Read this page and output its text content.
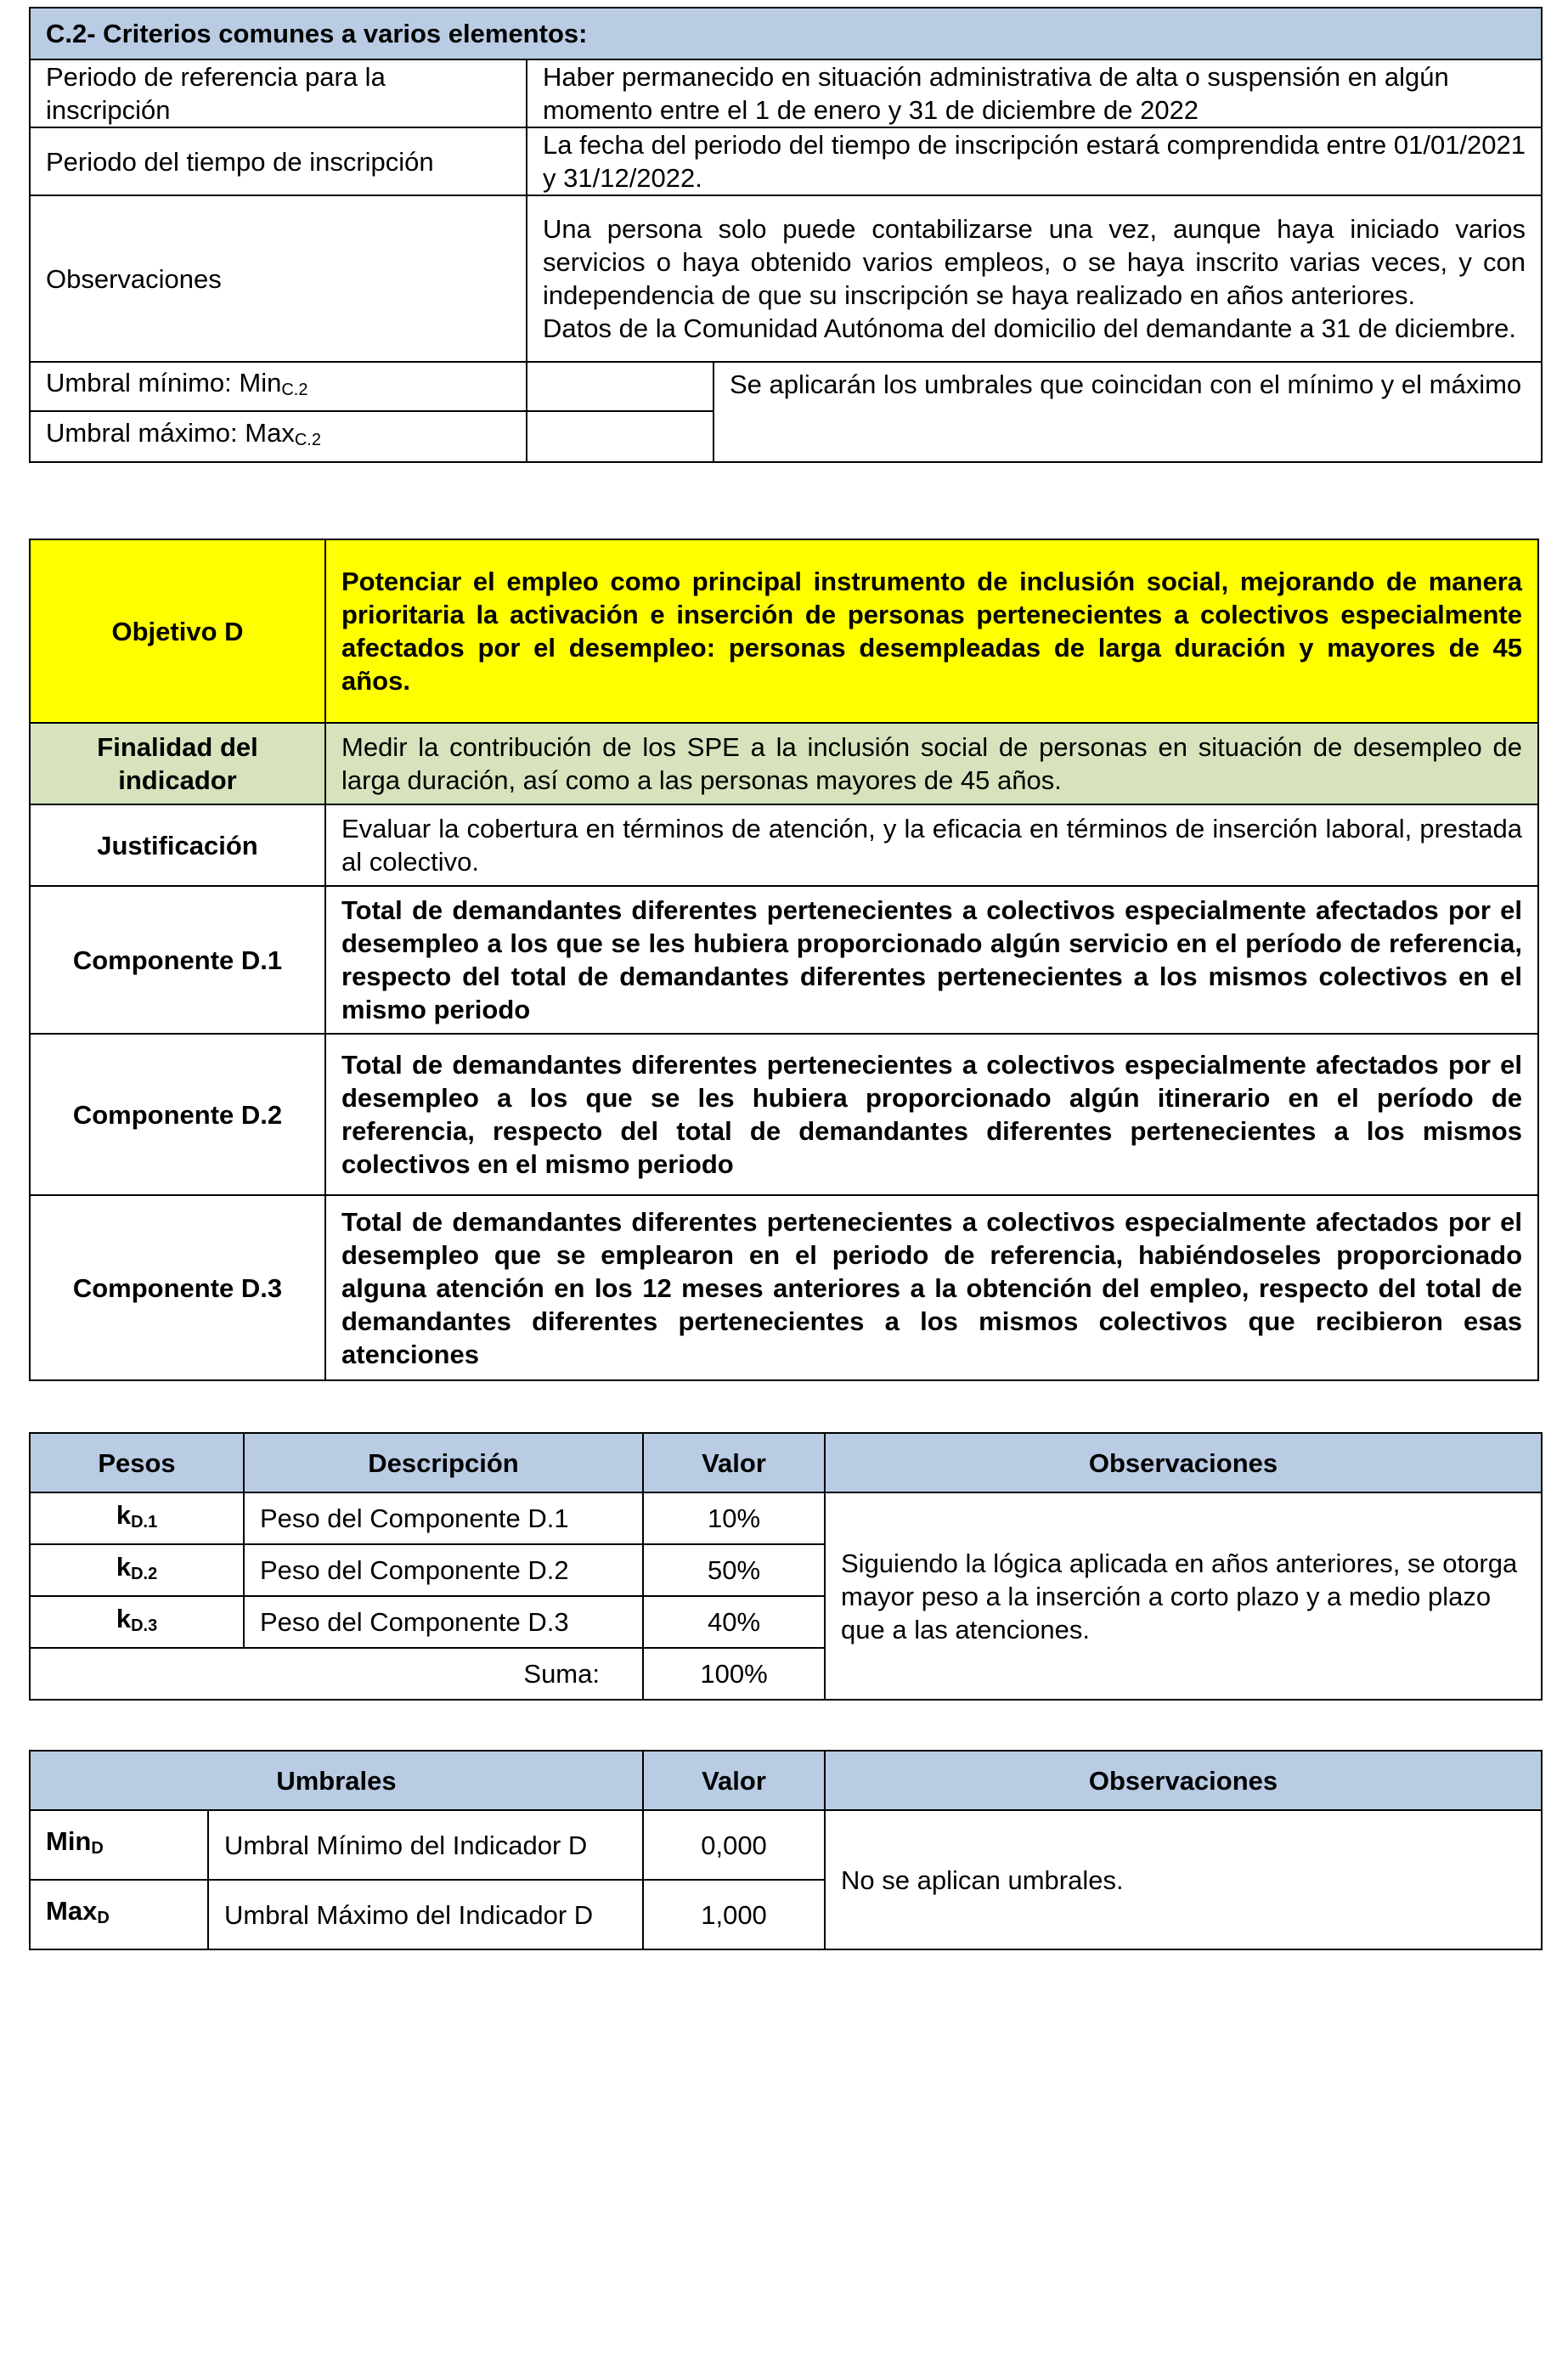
C.2- Criterios comunes a varios elementos:		
Periodo de referencia para la inscripción	Haber permanecido en situación administrativa de alta o suspensión en algún momento entre el 1 de enero y 31 de diciembre de 2022	
Periodo del tiempo de inscripción	La fecha del periodo del tiempo de inscripción estará comprendida entre 01/01/2021 y 31/12/2022.	
Observaciones	Una persona solo puede contabilizarse una vez, aunque haya iniciado varios servicios o haya obtenido varios empleos, o se haya inscrito varias veces, y con independencia de que su inscripción se haya realizado en años anteriores.
Datos de la Comunidad Autónoma del domicilio del demandante a 31 de diciembre.	

Umbral mínimo: Min$_{C.2}$		Se aplicarán los umbrales que coincidan con el mínimo y el máximo
Umbral máximo: Max$_{C.2}$	
Objetivo D	Potenciar el empleo como principal instrumento de inclusión social, mejorando de manera prioritaria la activación e inserción de personas pertenecientes a colectivos especialmente afectados por el desempleo: personas desempleadas de larga duración y mayores de 45 años.
Finalidad del indicador	Medir la contribución de los SPE a la inclusión social de personas en situación de desempleo de larga duración, así como a las personas mayores de 45 años.
Justificación	Evaluar la cobertura en términos de atención, y la eficacia en términos de inserción laboral, prestada al colectivo.
Componente D.1	Total de demandantes diferentes pertenecientes a colectivos especialmente afectados por el desempleo a los que se les hubiera proporcionado algún servicio en el período de referencia, respecto del total de demandantes diferentes pertenecientes a los mismos colectivos en el mismo periodo
Componente D.2	Total de demandantes diferentes pertenecientes a colectivos especialmente afectados por el desempleo a los que se les hubiera proporcionado algún itinerario en el período de referencia, respecto del total de demandantes diferentes pertenecientes a los mismos colectivos en el mismo periodo
Componente D.3	Total de demandantes diferentes pertenecientes a colectivos especialmente afectados por el desempleo que se emplearon en el periodo de referencia, habiéndoseles proporcionado alguna atención en los 12 meses anteriores a la obtención del empleo, respecto del total de demandantes diferentes pertenecientes a los mismos colectivos que recibieron esas atenciones
Pesos	Descripción	Valor	Observaciones
$k_{D.1}$	Peso del Componente D.1	10%	Siguiendo la lógica aplicada en años anteriores, se otorga mayor peso a la inserción a corto plazo y a medio plazo que a las atenciones.
$k_{D.2}$	Peso del Componente D.2	50%	
$k_{D.3}$	Peso del Componente D.3	40%	
Suma:		100%	
Umbrales		Valor	Observaciones
Min$_D$	Umbral Mínimo del Indicador D	0,000	No se aplican umbrales.
Max$_D$	Umbral Máximo del Indicador D	1,000	
